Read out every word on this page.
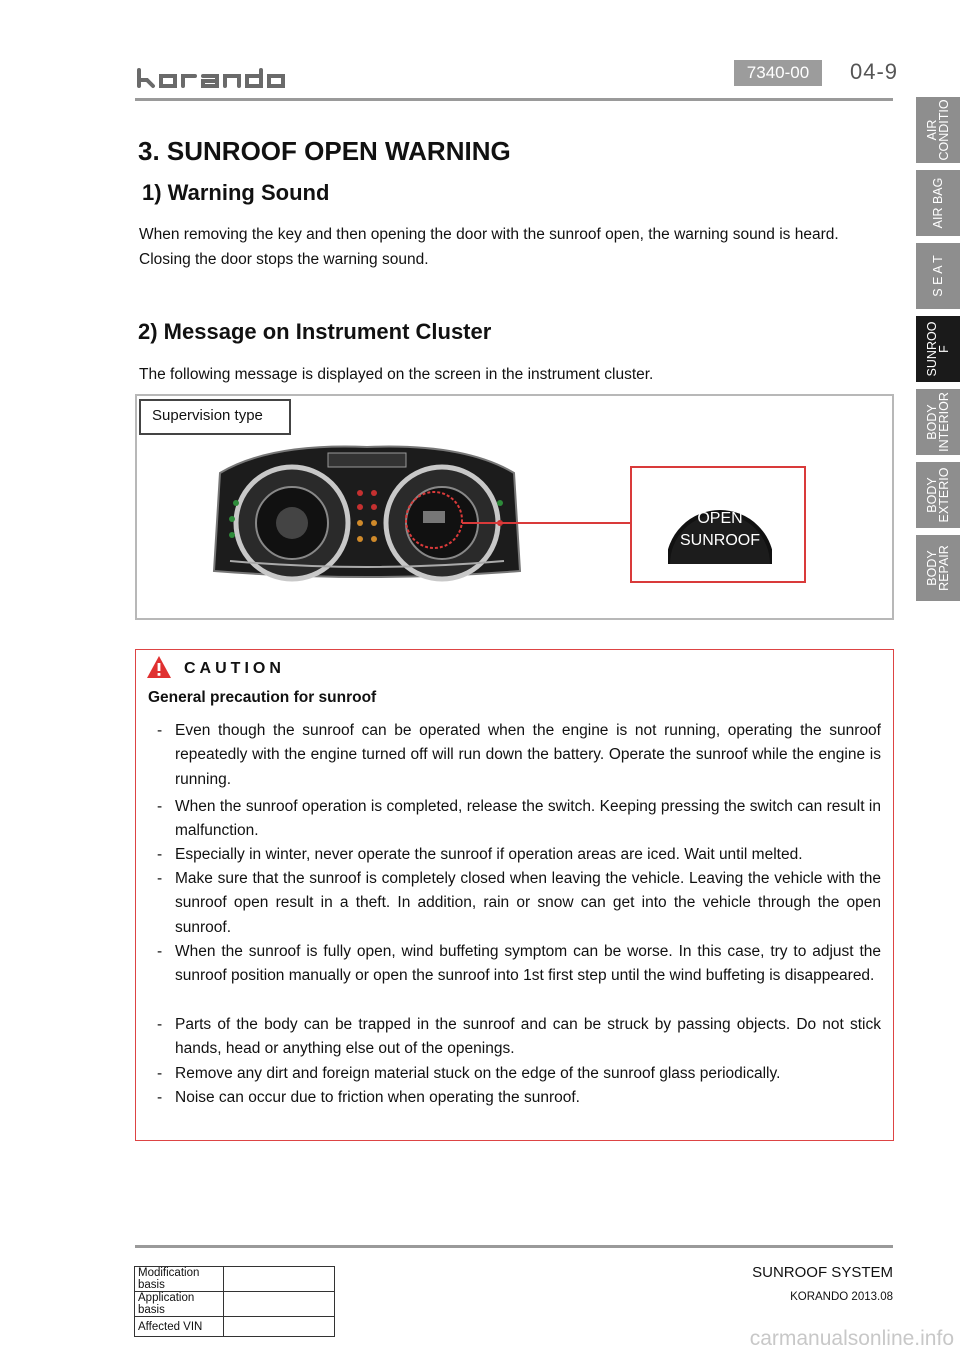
7340-00	04-9
AIR
CONDITIO
AIR BAG
S E A T
SUNROO
F
BODY
INTERIOR
BODY
EXTERIO
BODY
REPAIR
3. SUNROOF OPEN WARNING
1) Warning Sound
When removing the key and then opening the door with the sunroof open, the warning sound is heard.
Closing the door stops the warning sound.
2) Message on Instrument Cluster
The following message is displayed on the screen in the instrument cluster.
Supervision type
OPEN
SUNROOF
CAUTION
General precaution for sunroof
- Even though the sunroof can be operated when the engine is not running, operating the sunroof repeatedly with the engine turned off will run down the battery. Operate the sunroof while the engine is running.
- When the sunroof operation is completed, release the switch. Keeping pressing the switch can result in malfunction.
- Especially in winter, never operate the sunroof if operation areas are iced. Wait until melted.
- Make sure that the sunroof is completely closed when leaving the vehicle. Leaving the vehicle with the sunroof open result in a theft. In addition, rain or snow can get into the vehicle through the open sunroof.
- When the sunroof is fully open, wind buffeting symptom can be worse. In this case, try to adjust the sunroof position manually or open the sunroof into 1st first step until the wind buffeting is disappeared.
- Parts of the body can be trapped in the sunroof and can be struck by passing objects. Do not stick hands, head or anything else out of the openings.
- Remove any dirt and foreign material stuck on the edge of the sunroof glass periodically.
- Noise can occur due to friction when operating the sunroof.
Modification basis	
Application basis	
Affected VIN	
SUNROOF SYSTEM
KORANDO 2013.08
carmanualsonline.info
